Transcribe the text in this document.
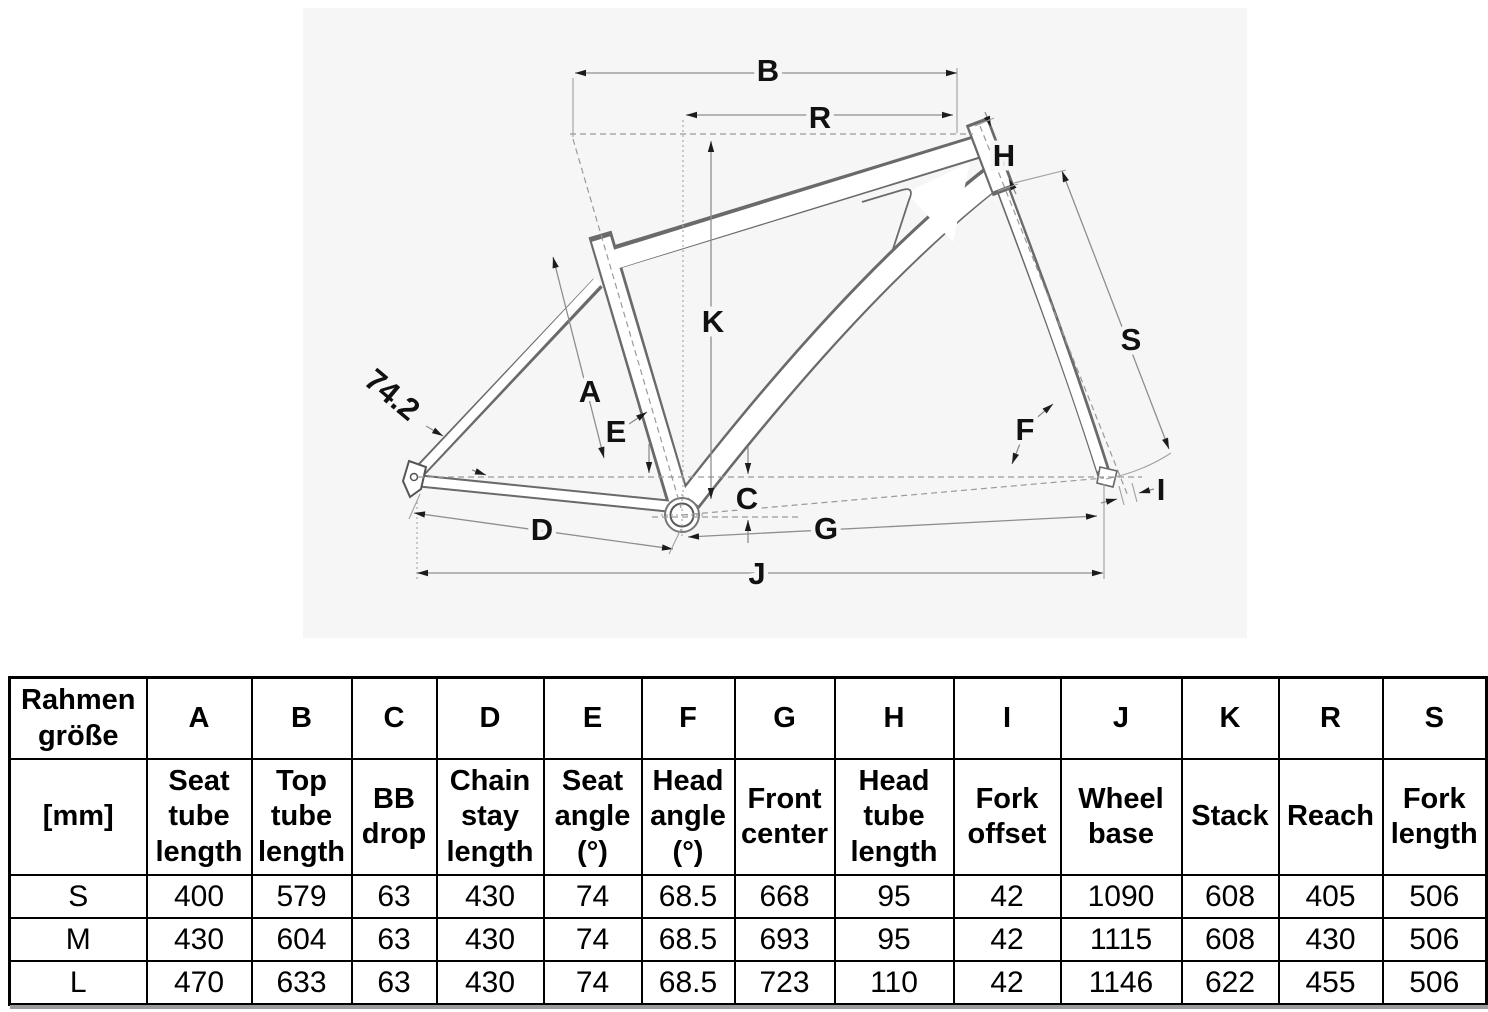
B
R
H
K
S
A
E	F
C	I
D	G
J
74.2
Rahmen größe	A	B	C	D	E	F	G	H	I	J	K	R	S
[mm]	Seat tube length	Top tube length	BB drop	Chain stay length	Seat angle (°)	Head angle (°)	Front center	Head tube length	Fork offset	Wheel base	Stack	Reach	Fork length
S	400	579	63	430	74	68.5	668	95	42	1090	608	405	506
M	430	604	63	430	74	68.5	693	95	42	1115	608	430	506
L	470	633	63	430	74	68.5	723	110	42	1146	622	455	506
